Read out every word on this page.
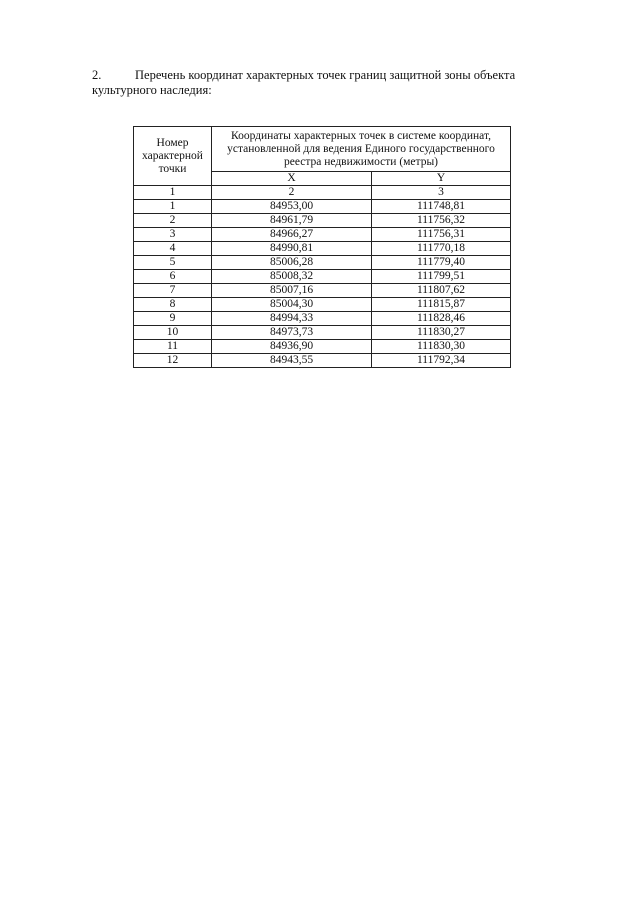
2.	Перечень координат характерных точек границ защитной зоны объекта культурного наследия:
Номер характерной точки	Координаты характерных точек в системе координат, установленной для ведения Единого государственного реестра недвижимости (метры)	
	X	Y
1	2	3
1	84953,00	111748,81
2	84961,79	111756,32
3	84966,27	111756,31
4	84990,81	111770,18
5	85006,28	111779,40
6	85008,32	111799,51
7	85007,16	111807,62
8	85004,30	111815,87
9	84994,33	111828,46
10	84973,73	111830,27
11	84936,90	111830,30
12	84943,55	111792,34
